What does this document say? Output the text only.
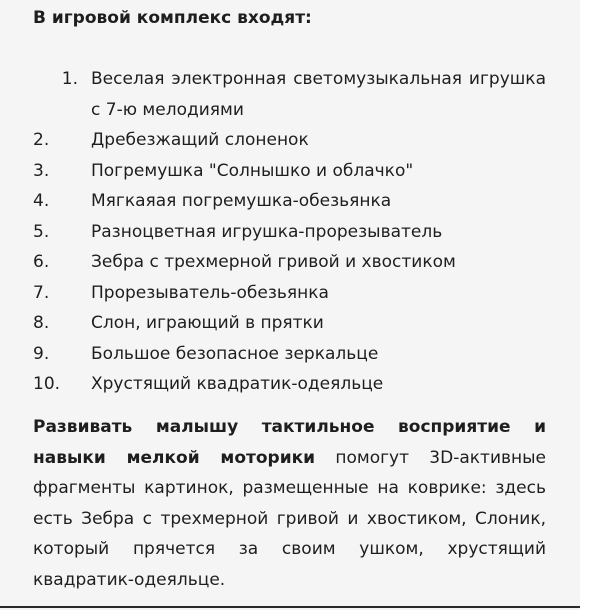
В игровой комплекс входят:
1. Веселая электронная светомузыкальная игрушка с 7-ю мелодиями
2.	Дребезжащий слоненок
3.	Погремушка "Солнышко и облачко"
4.	Мягкаяая погремушка-обезьянка
5.	Разноцветная игрушка-прорезыватель
6.	Зебра с трехмерной гривой и хвостиком
7.	Прорезыватель-обезьянка
8.	Слон, играющий в прятки
9.	Большое безопасное зеркальце
10.	Хрустящий квадратик-одеяльце

Развивать малышу тактильное восприятие и навыки мелкой моторики помогут 3D-активные фрагменты картинок, размещенные на коврике: здесь есть Зебра с трехмерной гривой и хвостиком, Слоник, который прячется за своим ушком, хрустящий квадратик-одеяльце.
